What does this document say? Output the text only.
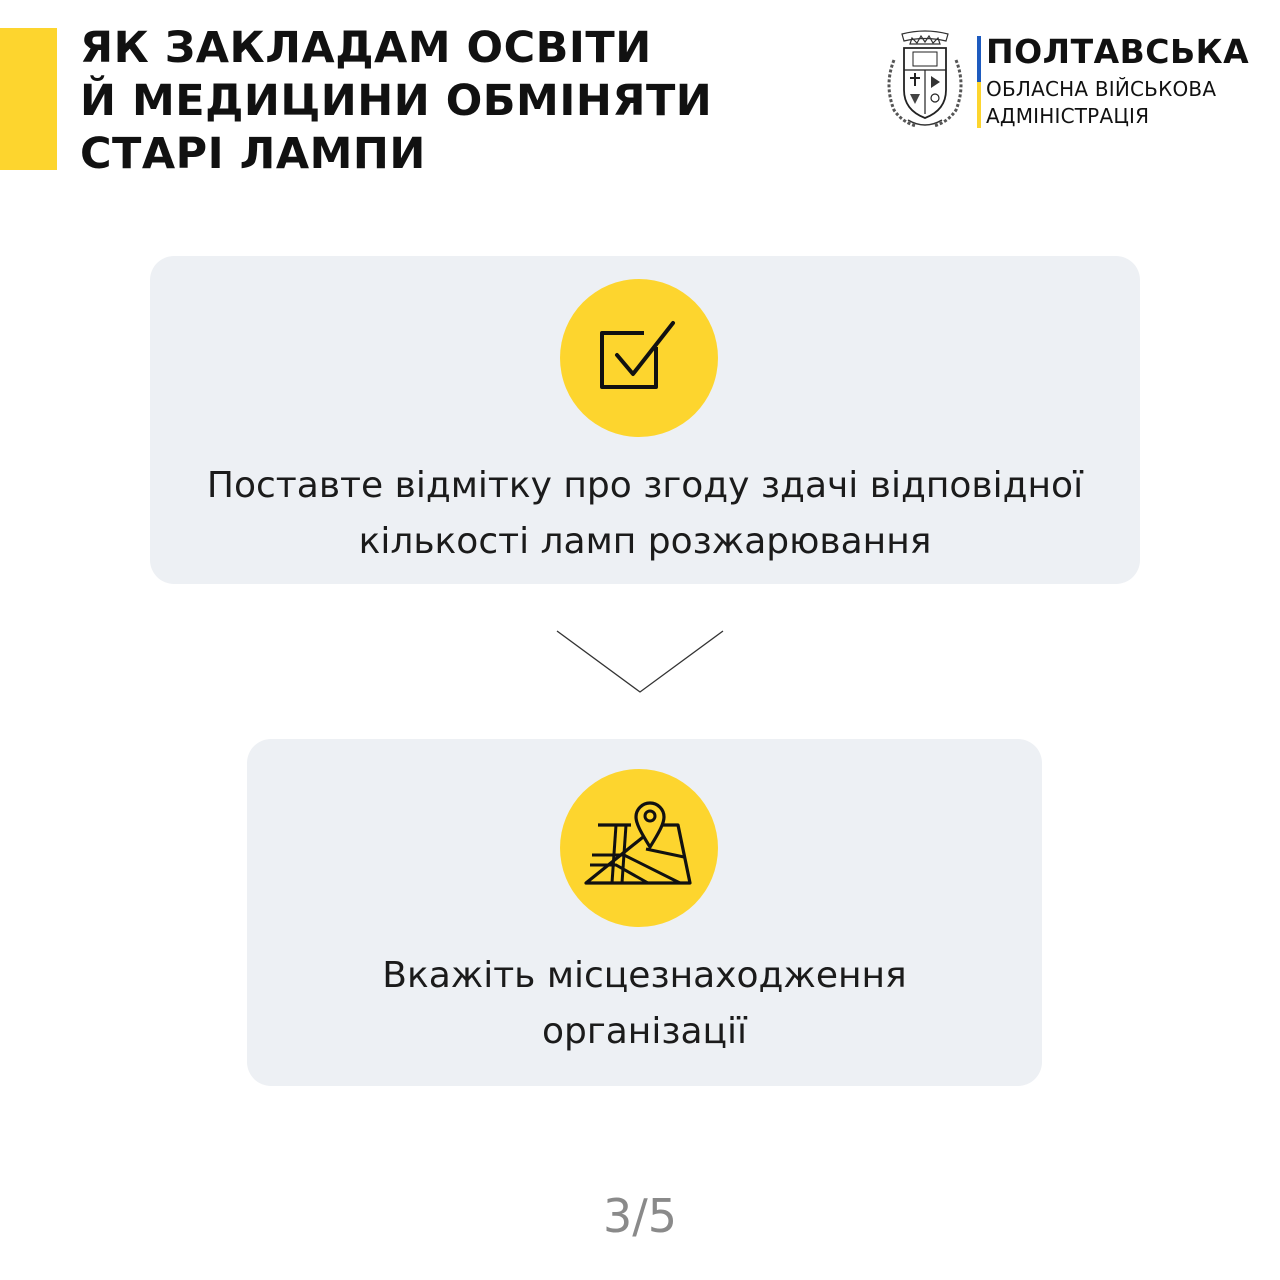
ЯК ЗАКЛАДАМ ОСВІТИ
Й МЕДИЦИНИ ОБМІНЯТИ
СТАРІ ЛАМПИ
ПОЛТАВСЬКА
ОБЛАСНА ВІЙСЬКОВА
АДМІНІСТРАЦІЯ
Поставте відмітку про згоду здачі відповідної
кількості ламп розжарювання
Вкажіть місцезнаходження
організації
3/5
